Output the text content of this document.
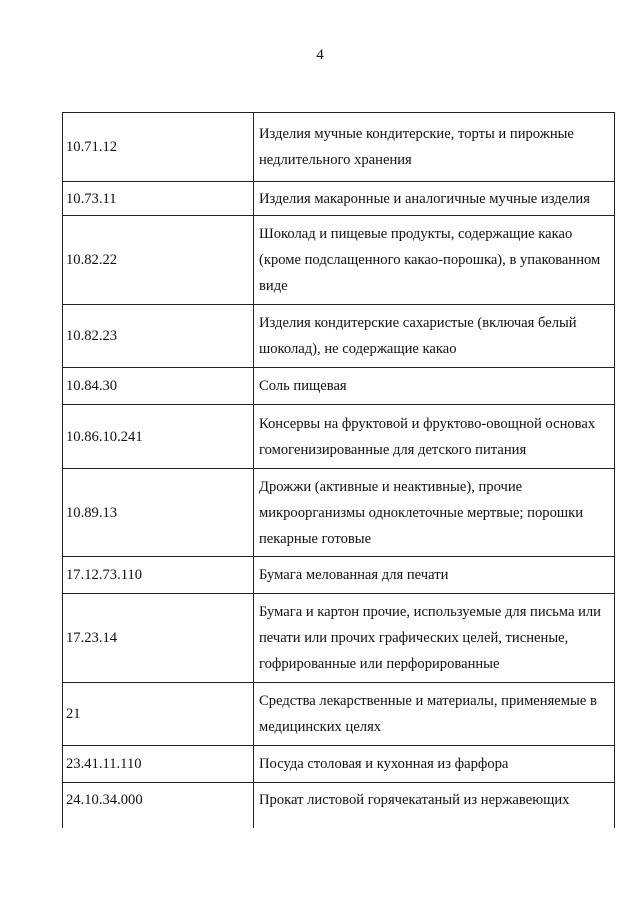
4
10.71.12	Изделия мучные кондитерские, торты и пирожные недлительного хранения
10.73.11	Изделия макаронные и аналогичные мучные изделия
10.82.22	Шоколад и пищевые продукты, содержащие какао (кроме подслащенного какао-порошка), в упакованном виде
10.82.23	Изделия кондитерские сахаристые (включая белый шоколад), не содержащие какао
10.84.30	Соль пищевая
10.86.10.241	Консервы на фруктовой и фруктово-овощной основах гомогенизированные для детского питания
10.89.13	Дрожжи (активные и неактивные), прочие микроорганизмы одноклеточные мертвые; порошки пекарные готовые
17.12.73.110	Бумага мелованная для печати
17.23.14	Бумага и картон прочие, используемые для письма или печати или прочих графических целей, тисненые, гофрированные или перфорированные
21	Средства лекарственные и материалы, применяемые в медицинских целях
23.41.11.110	Посуда столовая и кухонная из фарфора
24.10.34.000	Прокат листовой горячекатаный из нержавеющих
